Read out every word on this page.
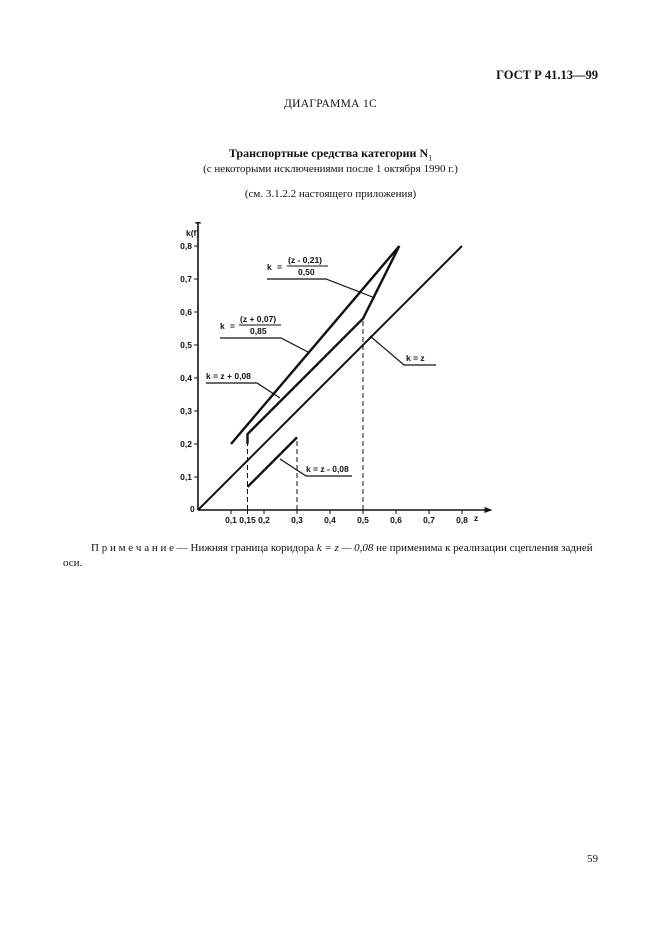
ГОСТ Р 41.13—99
ДИАГРАММА 1С
Транспортные средства категории $N_1$
(с некоторыми исключениями после 1 октября 1990 г.)
(см. 3.1.2.2 настоящего приложения)
0,1 0,15 0,2 0,3 0,4 0,5 0,6 0,7 0,8
0,1
0,2
0,3
0,4
0,5
0,6
0,7
0,8
k(f)
z
0
k =
(z - 0,21)
0,50
k =
(z + 0,07)
0,85
k = z + 0,08
k = z
k = z - 0,08
П р и м е ч а н и е — Нижняя граница коридора k = z — 0,08 не применима к реализации сцепления задней оси.
59
